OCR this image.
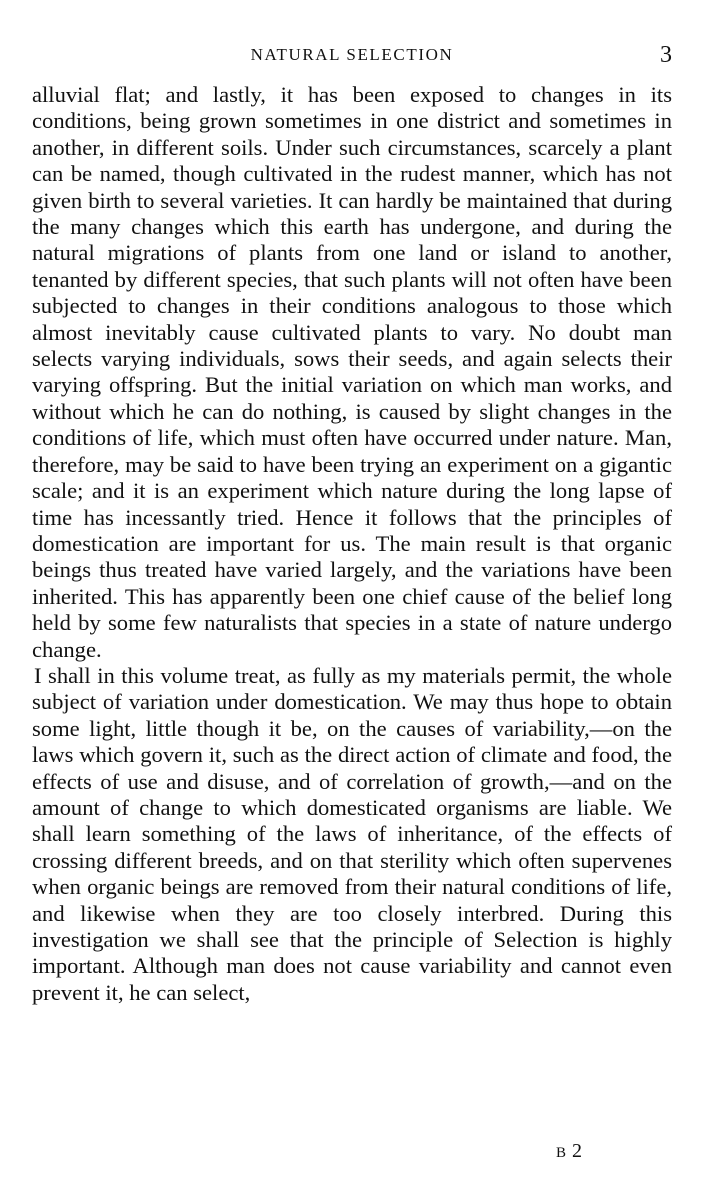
NATURAL SELECTION	3

alluvial flat; and lastly, it has been exposed to changes in its conditions, being grown sometimes in one district and sometimes in another, in different soils. Under such circumstances, scarcely a plant can be named, though cultivated in the rudest manner, which has not given birth to several varieties. It can hardly be maintained that during the many changes which this earth has undergone, and during the natural migrations of plants from one land or island to another, tenanted by different species, that such plants will not often have been subjected to changes in their conditions analogous to those which almost inevitably cause cultivated plants to vary. No doubt man selects varying individuals, sows their seeds, and again selects their varying offspring. But the initial variation on which man works, and without which he can do nothing, is caused by slight changes in the conditions of life, which must often have occurred under nature. Man, therefore, may be said to have been trying an experiment on a gigantic scale; and it is an experiment which nature during the long lapse of time has incessantly tried. Hence it follows that the principles of domestication are important for us. The main result is that organic beings thus treated have varied largely, and the variations have been inherited. This has apparently been one chief cause of the belief long held by some few naturalists that species in a state of nature undergo change.

I shall in this volume treat, as fully as my materials permit, the whole subject of variation under domestication. We may thus hope to obtain some light, little though it be, on the causes of variability,—on the laws which govern it, such as the direct action of climate and food, the effects of use and disuse, and of correlation of growth,—and on the amount of change to which domesticated organisms are liable. We shall learn something of the laws of inheritance, of the effects of crossing different breeds, and on that sterility which often supervenes when organic beings are removed from their natural conditions of life, and likewise when they are too closely interbred. During this investigation we shall see that the principle of Selection is highly important. Although man does not cause variability and cannot even prevent it, he can select,

B 2
